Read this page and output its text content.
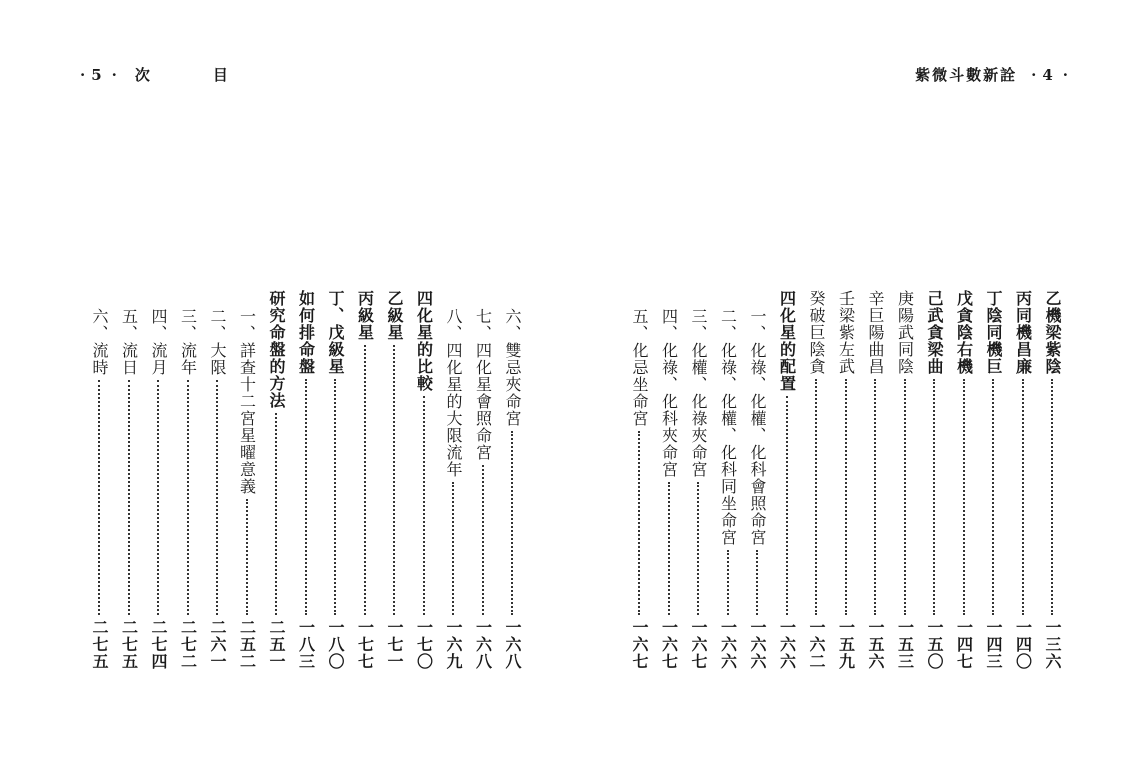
·5· 次　目	紫微斗數新詮 ·4·
乙機梁紫陰
一三六
丙同機昌廉
一四〇
丁陰同機巨
一四三
戊貪陰右機
一四七
己武貪梁曲
一五〇
庚陽武同陰
一五三
辛巨陽曲昌
一五六
壬梁紫左武
一五九
癸破巨陰貪
一六二
四化星的配置
一六六
一、化祿、化權、化科會照命宮
一六六
二、化祿、化權、化科同坐命宮
一六六
三、化權、化祿夾命宮
一六七
四、化祿、化科夾命宮
一六七
五、化忌坐命宮
一六七
六、雙忌夾命宮
一六八
七、四化星會照命宮
一六八
八、四化星的大限流年
一六九
四化星的比較
一七〇
乙級星
一七一
丙級星
一七七
丁、戊級星
一八〇
如何排命盤
一八三
研究命盤的方法
二五一
一、詳查十二宮星曜意義
二五二
二、大限
二六一
三、流年
二七二
四、流月
二七四
五、流日
二七五
六、流時
二七五
